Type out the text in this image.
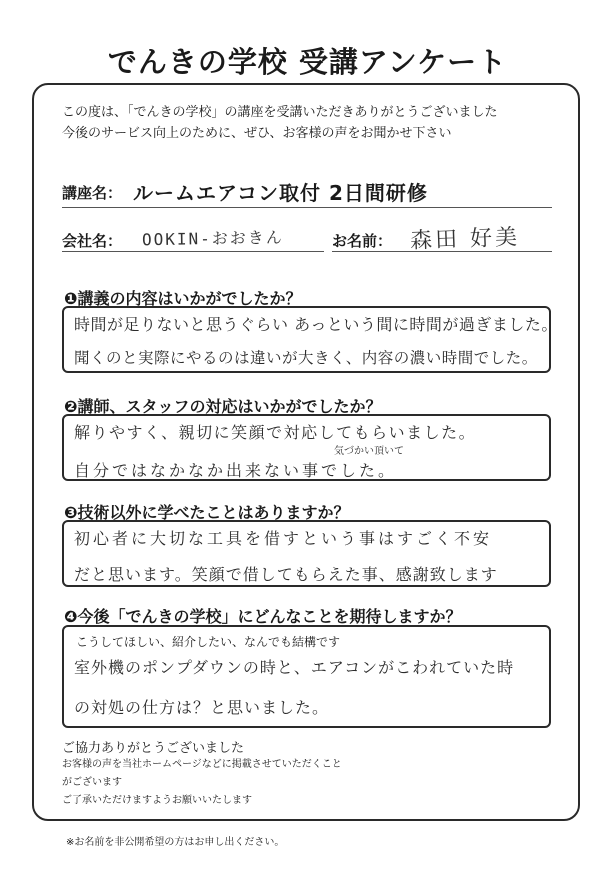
でんきの学校 受講アンケート
この度は、「でんきの学校」の講座を受講いただきありがとうございました
今後のサービス向上のために、ぜひ、お客様の声をお聞かせ下さい
講座名： ルームエアコン取付 2日間研修
会社名： OOKIN-おおきん	お名前： 森田 好美
❶講義の内容はいかがでしたか？
時間が足りないと思うぐらい あっという間に時間が過ぎました。
聞くのと実際にやるのは違いが大きく、内容の濃い時間でした。
❷講師、スタッフの対応はいかがでしたか？
解りやすく、親切に笑顔で対応してもらいました。
気づかい頂いて
自分ではなかなか出来ない事でした。
❸技術以外に学べたことはありますか？
初心者に大切な工具を借すという事はすごく不安
だと思います。笑顔で借してもらえた事、感謝致します
❹今後「でんきの学校」にどんなことを期待しますか？
こうしてほしい、紹介したい、なんでも結構です
室外機のポンプダウンの時と、エアコンがこわれていた時
の対処の仕方は？と思いました。
ご協力ありがとうございました
お客様の声を当社ホームページなどに掲載させていただくこと
がございます
ご了承いただけますようお願いいたします
※お名前を非公開希望の方はお申し出ください。
